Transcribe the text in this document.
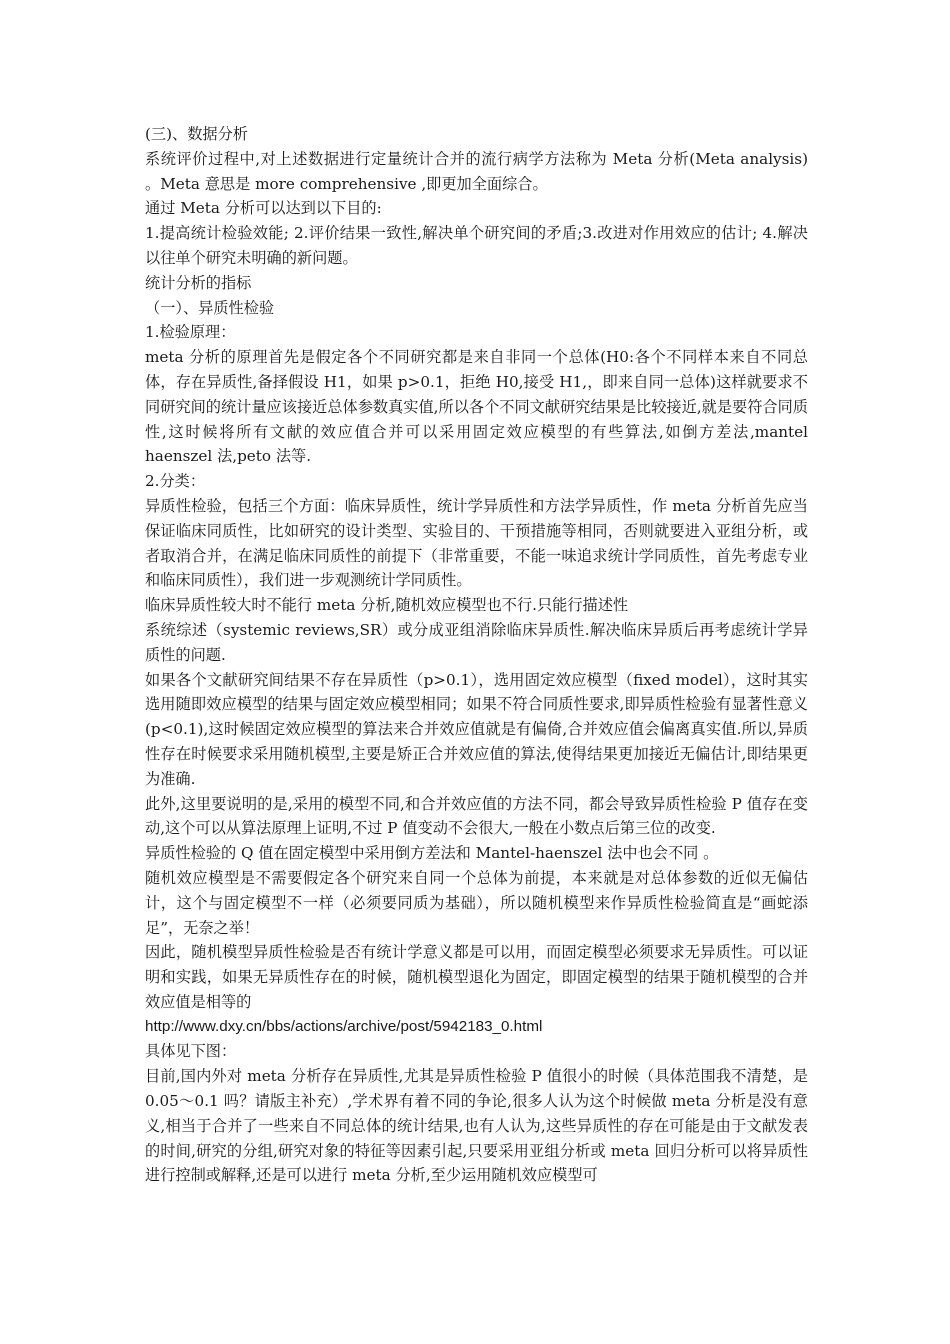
(三)、数据分析

系统评价过程中,对上述数据进行定量统计合并的流行病学方法称为 Meta 分析(Meta analysis) 。Meta 意思是 more comprehensive ,即更加全面综合。

通过 Meta 分析可以达到以下目的:

1.提高统计检验效能; 2.评价结果一致性,解决单个研究间的矛盾;3.改进对作用效应的估计; 4.解决以往单个研究未明确的新问题。

统计分析的指标

（一）、异质性检验

1.检验原理：

meta 分析的原理首先是假定各个不同研究都是来自非同一个总体(H0:各个不同样本来自不同总体，存在异质性,备择假设 H1，如果 p>0.1，拒绝 H0,接受 H1,，即来自同一总体)这样就要求不同研究间的统计量应该接近总体参数真实值,所以各个不同文献研究结果是比较接近,就是要符合同质性,这时候将所有文献的效应值合并可以采用固定效应模型的有些算法,如倒方差法,mantel haenszel 法,peto 法等.

2.分类：

异质性检验，包括三个方面：临床异质性，统计学异质性和方法学异质性，作 meta 分析首先应当保证临床同质性，比如研究的设计类型、实验目的、干预措施等相同，否则就要进入亚组分析，或者取消合并，在满足临床同质性的前提下（非常重要，不能一味追求统计学同质性，首先考虑专业和临床同质性），我们进一步观测统计学同质性。

临床异质性较大时不能行 meta 分析,随机效应模型也不行.只能行描述性

系统综述（systemic reviews,SR）或分成亚组消除临床异质性.解决临床异质后再考虑统计学异质性的问题.

如果各个文献研究间结果不存在异质性（p>0.1），选用固定效应模型（fixed model），这时其实选用随即效应模型的结果与固定效应模型相同；如果不符合同质性要求,即异质性检验有显著性意义(p<0.1),这时候固定效应模型的算法来合并效应值就是有偏倚,合并效应值会偏离真实值.所以,异质性存在时候要求采用随机模型,主要是矫正合并效应值的算法,使得结果更加接近无偏估计,即结果更为准确.

此外,这里要说明的是,采用的模型不同,和合并效应值的方法不同，都会导致异质性检验 P 值存在变动,这个可以从算法原理上证明,不过 P 值变动不会很大,一般在小数点后第三位的改变.

异质性检验的 Q 值在固定模型中采用倒方差法和 Mantel-haenszel 法中也会不同 。

随机效应模型是不需要假定各个研究来自同一个总体为前提，本来就是对总体参数的近似无偏估计，这个与固定模型不一样（必须要同质为基础），所以随机模型来作异质性检验简直是“画蛇添足”，无奈之举！

因此，随机模型异质性检验是否有统计学意义都是可以用，而固定模型必须要求无异质性。可以证明和实践，如果无异质性存在的时候，随机模型退化为固定，即固定模型的结果于随机模型的合并效应值是相等的

http://www.dxy.cn/bbs/actions/archive/post/5942183_0.html

具体见下图：

目前,国内外对 meta 分析存在异质性,尤其是异质性检验 P 值很小的时候（具体范围我不清楚，是 0.05～0.1 吗？请版主补充）,学术界有着不同的争论,很多人认为这个时候做 meta 分析是没有意义,相当于合并了一些来自不同总体的统计结果,也有人认为,这些异质性的存在可能是由于文献发表的时间,研究的分组,研究对象的特征等因素引起,只要采用亚组分析或 meta 回归分析可以将异质性进行控制或解释,还是可以进行 meta 分析,至少运用随机效应模型可
